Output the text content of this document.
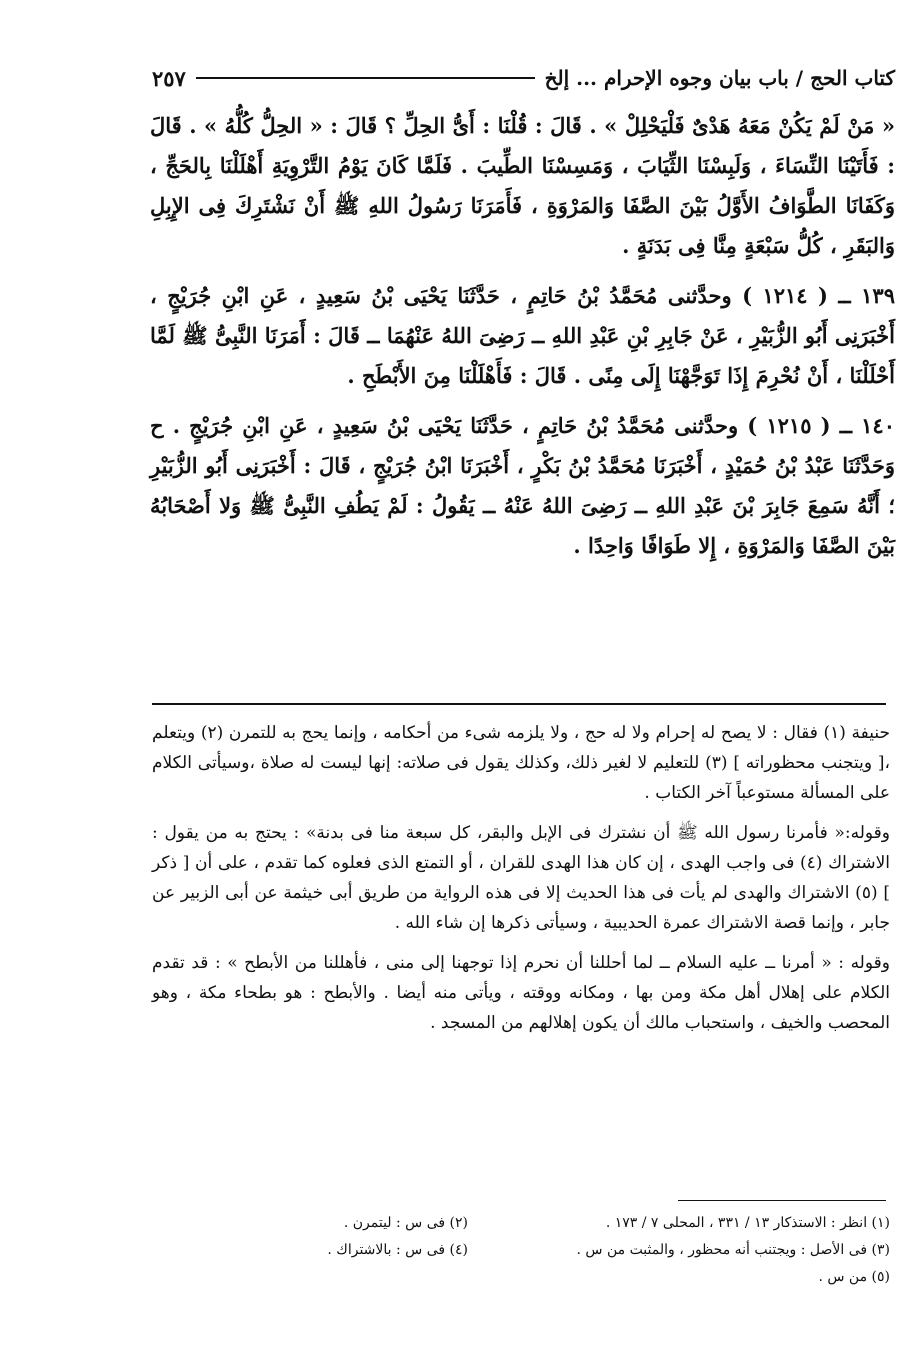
كتاب الحج / باب بيان وجوه الإحرام ... إلخ
٢٥٧

« مَنْ لَمْ يَكُنْ مَعَهُ هَدْىٌ فَلْيَحْلِلْ » . قَالَ : قُلْنَا : أَىُّ الحِلِّ ؟ قَالَ : « الحِلُّ كُلُّهُ » . قَالَ : فَأَتَيْنَا النِّسَاءَ ، وَلَبِسْنَا الثِّيَابَ ، وَمَسِسْنَا الطِّيبَ . فَلَمَّا كَانَ يَوْمُ التَّرْوِيَةِ أَهْلَلْنَا بِالحَجِّ ، وَكَفَانَا الطَّوَافُ الأَوَّلُ بَيْنَ الصَّفَا وَالمَرْوَةِ ، فَأَمَرَنَا رَسُولُ اللهِ ﷺ أَنْ نَشْتَرِكَ فِى الإِبِلِ وَالبَقَرِ ، كُلُّ سَبْعَةٍ مِنَّا فِى بَدَنَةٍ .

١٣٩ ــ ( ١٢١٤ ) وحدَّثنى مُحَمَّدُ بْنُ حَاتِمٍ ، حَدَّثَنَا يَحْيَى بْنُ سَعِيدٍ ، عَنِ ابْنِ جُرَيْجٍ ، أَخْبَرَنِى أَبُو الزُّبَيْرِ ، عَنْ جَابِرِ بْنِ عَبْدِ اللهِ ــ رَضِىَ اللهُ عَنْهُمَا ــ قَالَ : أَمَرَنَا النَّبِىُّ ﷺ لَمَّا أَحْلَلْنَا ، أَنْ نُحْرِمَ إِذَا تَوَجَّهْنَا إِلَى مِنًى . قَالَ : فَأَهْلَلْنَا مِنَ الأَبْطَحِ .

١٤٠ ــ ( ١٢١٥ ) وحدَّثنى مُحَمَّدُ بْنُ حَاتِمٍ ، حَدَّثَنَا يَحْيَى بْنُ سَعِيدٍ ، عَنِ ابْنِ جُرَيْجٍ . ح وَحَدَّثَنَا عَبْدُ بْنُ حُمَيْدٍ ، أَخْبَرَنَا مُحَمَّدُ بْنُ بَكْرٍ ، أَخْبَرَنَا ابْنُ جُرَيْجٍ ، قَالَ : أَخْبَرَنِى أَبُو الزُّبَيْرِ ؛ أَنَّهُ سَمِعَ جَابِرَ بْنَ عَبْدِ اللهِ ــ رَضِىَ اللهُ عَنْهُ ــ يَقُولُ : لَمْ يَطُفِ النَّبِىُّ ﷺ وَلا أَصْحَابُهُ بَيْنَ الصَّفَا وَالمَرْوَةِ ، إِلا طَوَافًا وَاحِدًا .

حنيفة (١) فقال : لا يصح له إحرام ولا له حج ، ولا يلزمه شىء من أحكامه ، وإنما يحج به للتمرن (٢) ويتعلم ،[ ويتجنب محظوراته ] (٣) للتعليم لا لغير ذلك، وكذلك يقول فى صلاته: إنها ليست له صلاة ،وسيأتى الكلام على المسألة مستوعباً آخر الكتاب .

وقوله:« فأمرنا رسول الله ﷺ أن نشترك فى الإبل والبقر، كل سبعة منا فى بدنة» : يحتج به من يقول : الاشتراك (٤) فى واجب الهدى ، إن كان هذا الهدى للقران ، أو التمتع الذى فعلوه كما تقدم ، على أن [ ذكر ] (٥) الاشتراك والهدى لم يأت فى هذا الحديث إلا فى هذه الرواية من طريق أبى خيثمة عن أبى الزبير عن جابر ، وإنما قصة الاشتراك عمرة الحديبية ، وسيأتى ذكرها إن شاء الله .

وقوله : « أمرنا ــ عليه السلام ــ لما أحللنا أن نحرم إذا توجهنا إلى منى ، فأهللنا من الأبطح » : قد تقدم الكلام على إهلال أهل مكة ومن بها ، ومكانه ووقته ، ويأتى منه أيضا . والأبطح : هو بطحاء مكة ، وهو المحصب والخيف ، واستحباب مالك أن يكون إهلالهم من المسجد .

(١) انظر : الاستذكار ١٣ / ٣٣١ ، المحلى ٧ / ١٧٣ .
(٢) فى س : ليتمرن .
(٣) فى الأصل : ويجتنب أنه محظور ، والمثبت من س .
(٤) فى س : بالاشتراك .
(٥) من س .
